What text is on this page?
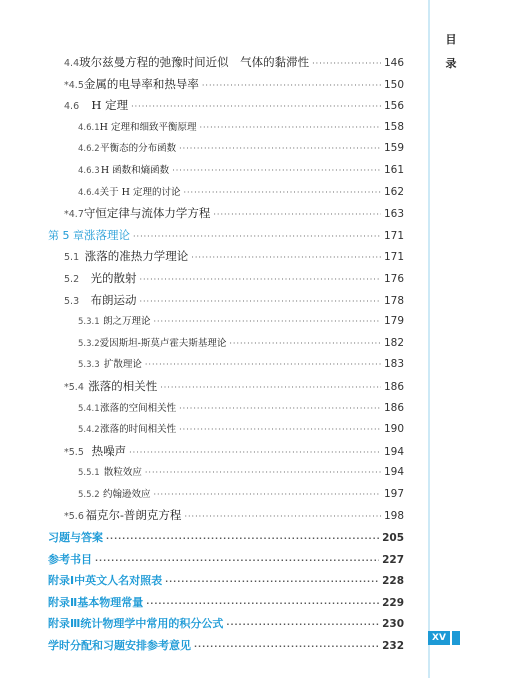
目
录
4.4 玻尔兹曼方程的弛豫时间近似　气体的黏滞性 ·····	146
*4.5 金属的电导率和热导率 ·····	150
4.6	H 定理 ·····	156
4.6.1 H 定理和细致平衡原理 ·····	158
4.6.2 平衡态的分布函数 ·····	159
4.6.3 H 函数和熵函数 ·····	161
4.6.4 关于 H 定理的讨论 ·····	162
*4.7 守恒定律与流体力学方程 ·····	163
第 5 章 涨落理论 ·····	171
5.1 涨落的准热力学理论 ·····	171
5.2 光的散射 ·····	176
5.3 布朗运动 ·····	178
5.3.1 朗之万理论 ·····	179
5.3.2 爱因斯坦-斯莫卢霍夫斯基理论 ·····	182
5.3.3 扩散理论 ·····	183
*5.4 涨落的相关性 ·····	186
5.4.1 涨落的空间相关性 ·····	186
5.4.2 涨落的时间相关性 ·····	190
*5.5 热噪声 ·····	194
5.5.1 散粒效应 ·····	194
5.5.2 约翰逊效应 ·····	197
*5.6 福克尔-普朗克方程 ·····	198
习题与答案 ·····	205
参考书目 ·····	227
附录Ⅰ 中英文人名对照表 ·····	228
附录Ⅱ 基本物理常量 ·····	229
附录Ⅲ 统计物理学中常用的积分公式 ·····	230
学时分配和习题安排参考意见 ·····	232
XV
